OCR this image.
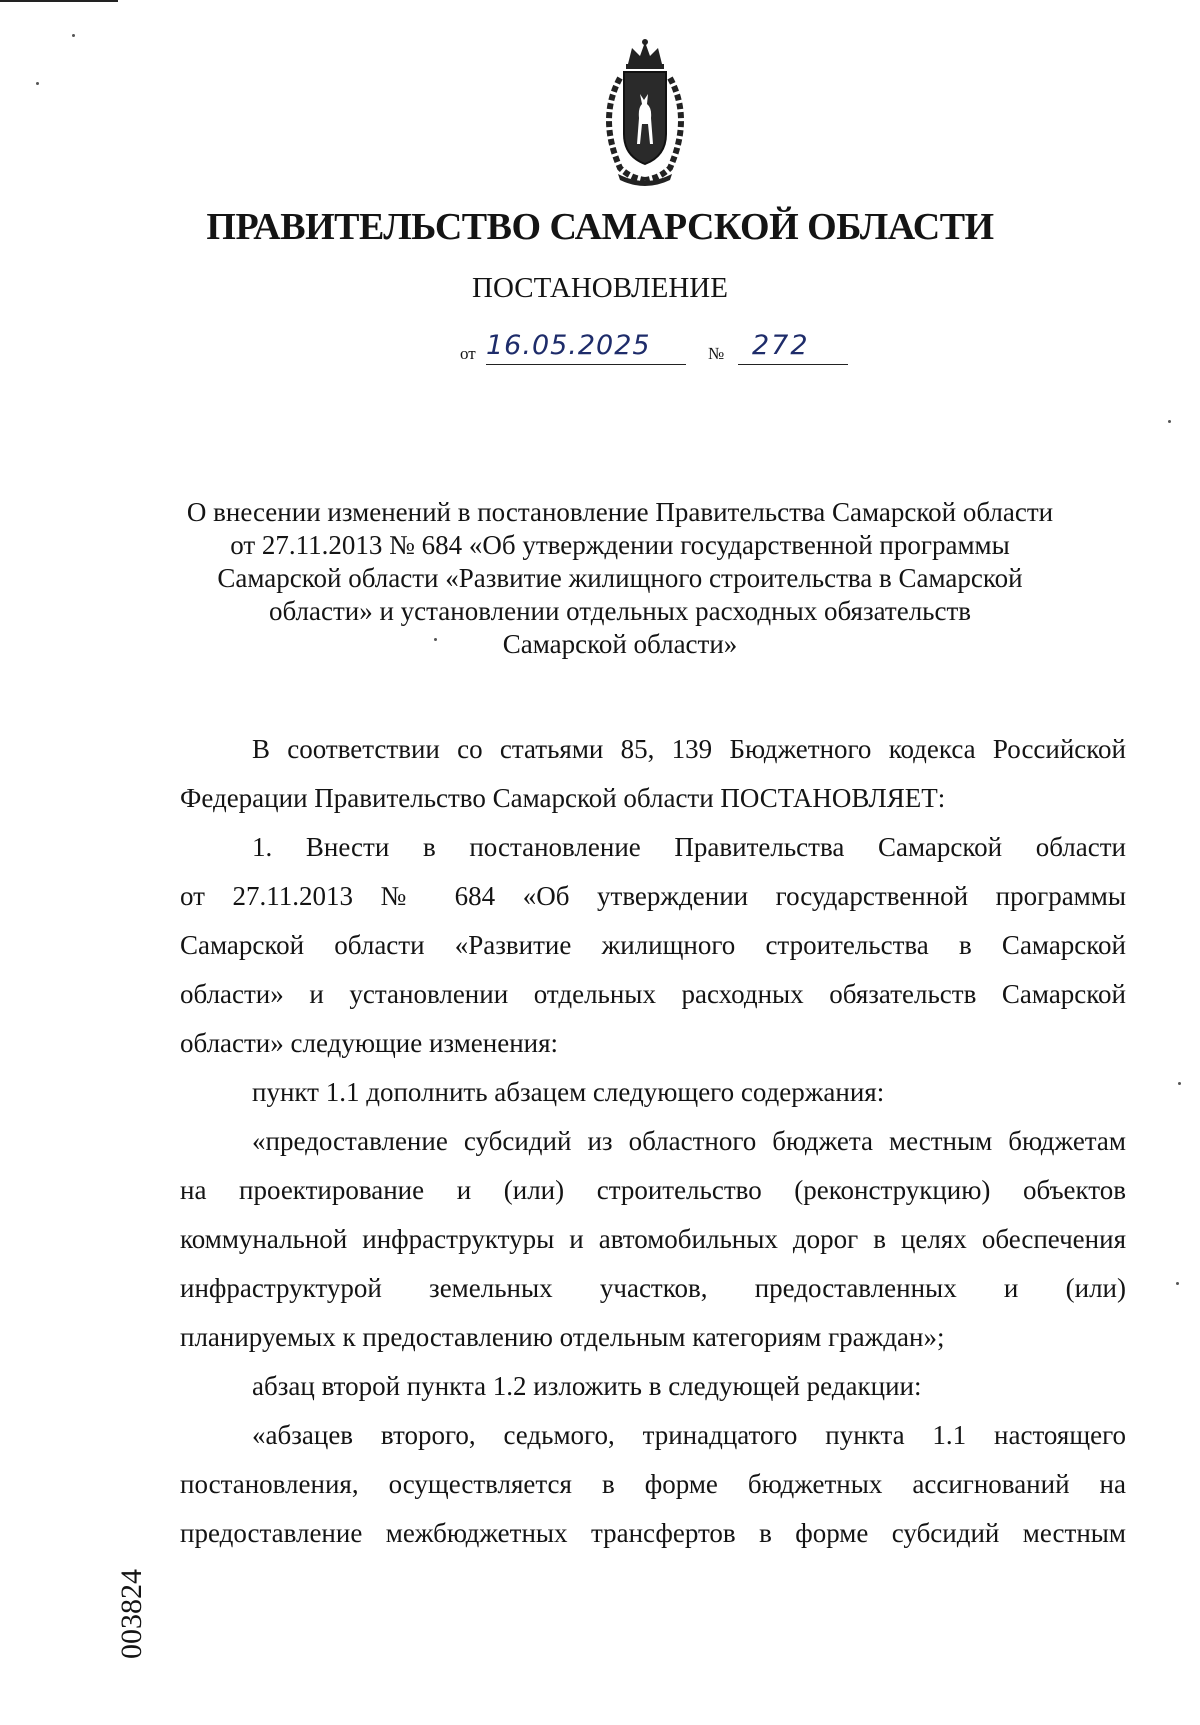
ПРАВИТЕЛЬСТВО САМАРСКОЙ ОБЛАСТИ
ПОСТАНОВЛЕНИЕ
от 16.05.2025	№	272
О внесении изменений в постановление Правительства Самарской области
от 27.11.2013 № 684 «Об утверждении государственной программы
Самарской области «Развитие жилищного строительства в Самарской
области» и установлении отдельных расходных обязательств
Самарской области»

В соответствии со статьями 85, 139 Бюджетного кодекса Российской

Федерации Правительство Самарской области ПОСТАНОВЛЯЕТ:

1. Внести в постановление Правительства Самарской области

от 27.11.2013 № 684 «Об утверждении государственной программы

Самарской области «Развитие жилищного строительства в Самарской

области» и установлении отдельных расходных обязательств Самарской

области» следующие изменения:

пункт 1.1 дополнить абзацем следующего содержания:

«предоставление субсидий из областного бюджета местным бюджетам

на проектирование и (или) строительство (реконструкцию) объектов

коммунальной инфраструктуры и автомобильных дорог в целях обеспечения

инфраструктурой земельных участков, предоставленных и (или)

планируемых к предоставлению отдельным категориям граждан»;

абзац второй пункта 1.2 изложить в следующей редакции:

«абзацев второго, седьмого, тринадцатого пункта 1.1 настоящего

постановления, осуществляется в форме бюджетных ассигнований на

предоставление межбюджетных трансфертов в форме субсидий местным

003824
